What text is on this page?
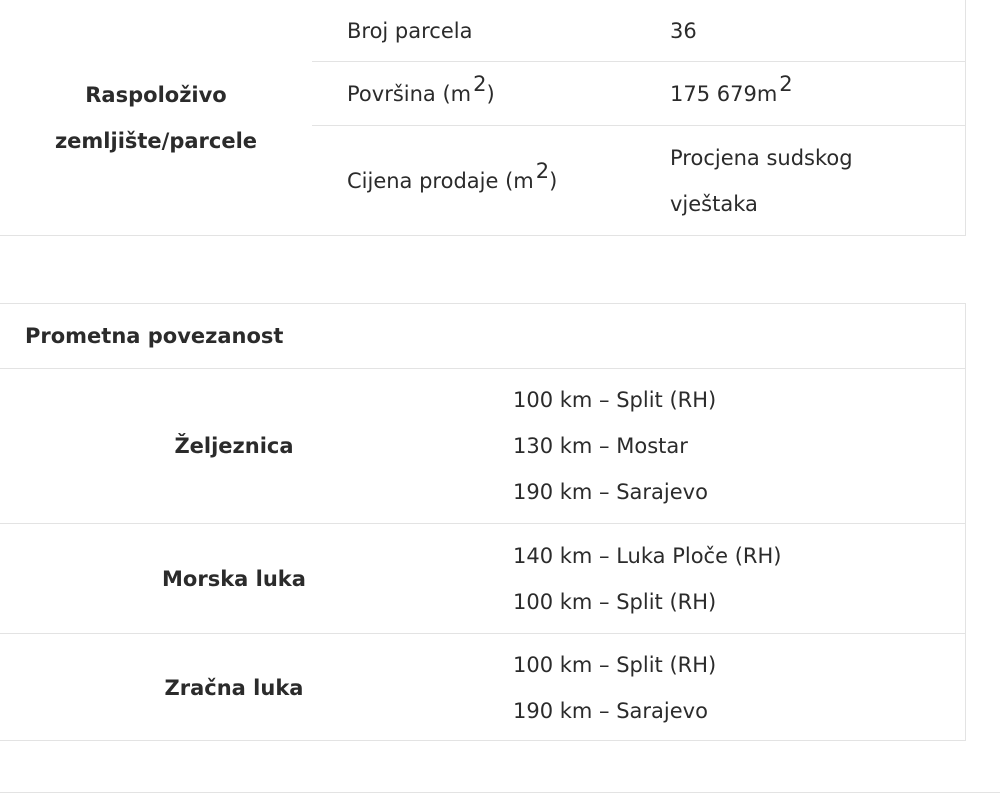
Raspoloživo
zemljište/parcele
Broj parcela	36
Površina ($m^2$ )	175 $679m^2$
Cijena prodaje ($m^2$ )
Procjena sudskog
vještaka
Prometna povezanost
Željeznica
100 km – Split (RH)
130 km – Mostar
190 km – Sarajevo
Morska luka
140 km – Luka Ploče (RH)
100 km – Split (RH)
Zračna luka
100 km – Split (RH)
190 km – Sarajevo
